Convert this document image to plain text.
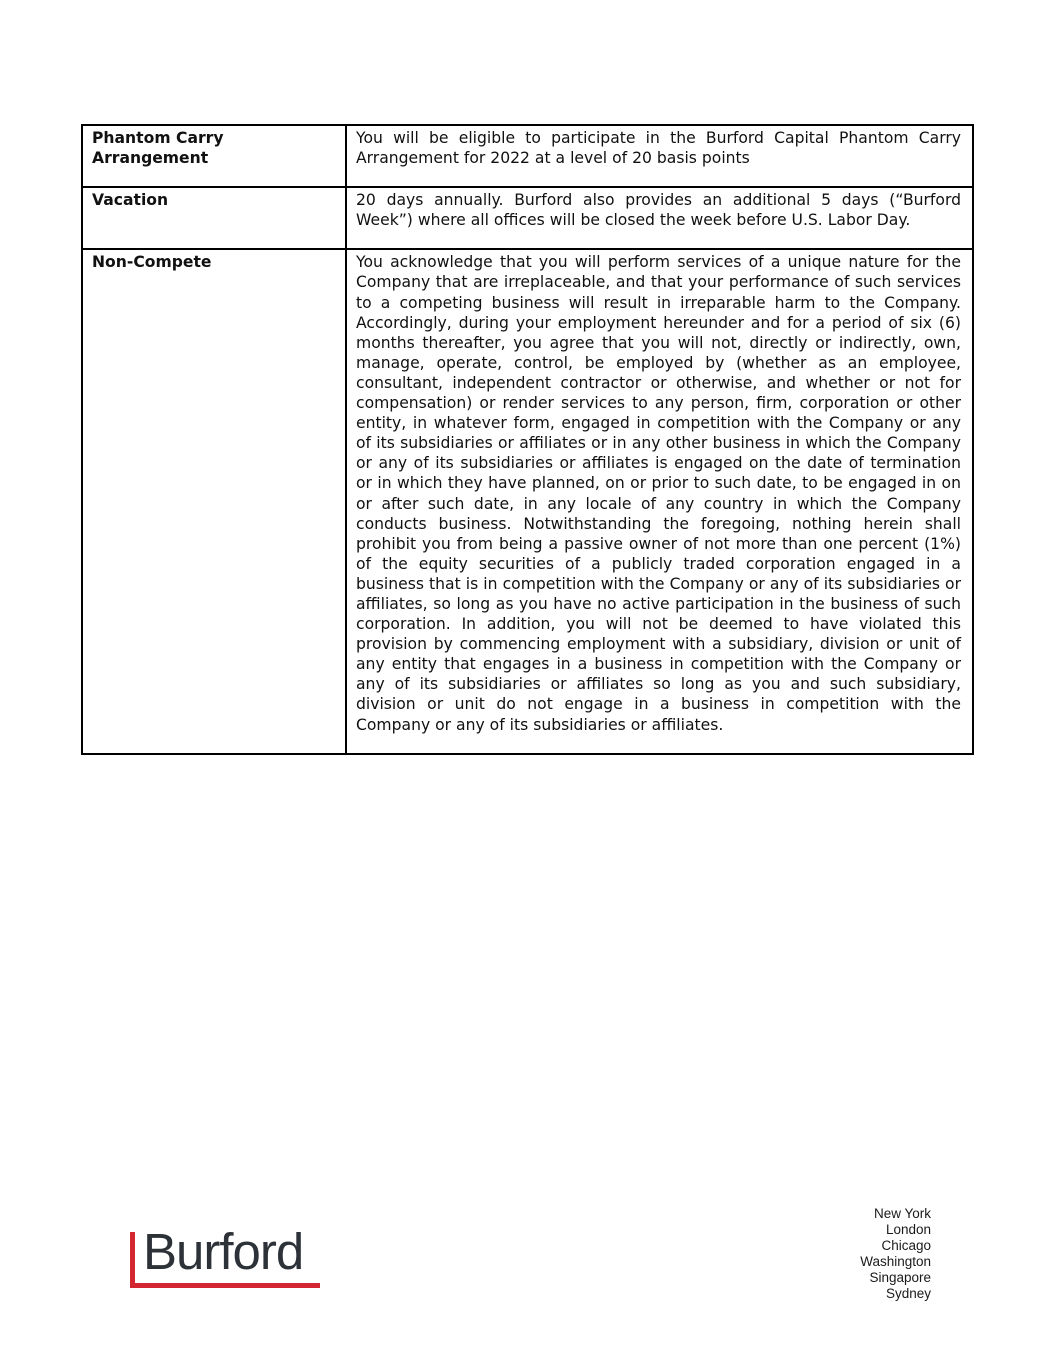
Phantom Carry Arrangement	You will be eligible to participate in the Burford Capital Phantom Carry Arrangement for 2022 at a level of 20 basis points
Vacation	20 days annually. Burford also provides an additional 5 days (“Burford Week”) where all offices will be closed the week before U.S. Labor Day.
Non-Compete	You acknowledge that you will perform services of a unique nature for the Company that are irreplaceable, and that your performance of such services to a competing business will result in irreparable harm to the Company. Accordingly, during your employment hereunder and for a period of six (6) months thereafter, you agree that you will not, directly or indirectly, own, manage, operate, control, be employed by (whether as an employee, consultant, independent contractor or otherwise, and whether or not for compensation) or render services to any person, firm, corporation or other entity, in whatever form, engaged in competition with the Company or any of its subsidiaries or affiliates or in any other business in which the Company or any of its subsidiaries or affiliates is engaged on the date of termination or in which they have planned, on or prior to such date, to be engaged in on or after such date, in any locale of any country in which the Company conducts business. Notwithstanding the foregoing, nothing herein shall prohibit you from being a passive owner of not more than one percent (1%) of the equity securities of a publicly traded corporation engaged in a business that is in competition with the Company or any of its subsidiaries or affiliates, so long as you have no active participation in the business of such corporation. In addition, you will not be deemed to have violated this provision by commencing employment with a subsidiary, division or unit of any entity that engages in a business in competition with the Company or any of its subsidiaries or affiliates so long as you and such subsidiary, division or unit do not engage in a business in competition with the Company or any of its subsidiaries or affiliates.
Burford
New York
London
Chicago
Washington
Singapore
Sydney
